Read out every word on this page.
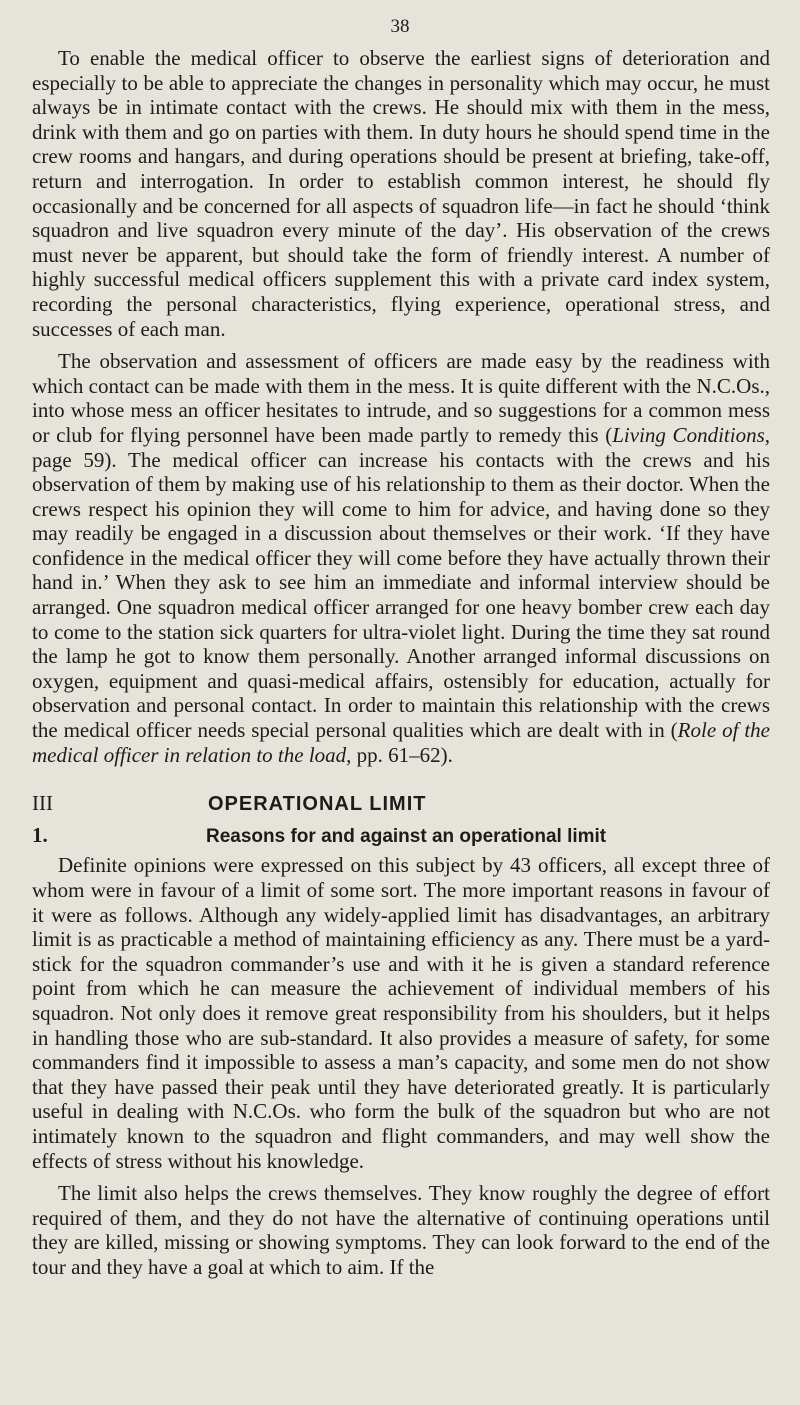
38

To enable the medical officer to observe the earliest signs of deterioration and especially to be able to appreciate the changes in personality which may occur, he must always be in intimate contact with the crews. He should mix with them in the mess, drink with them and go on parties with them. In duty hours he should spend time in the crew rooms and hangars, and during operations should be present at briefing, take-off, return and interrogation. In order to establish common interest, he should fly occasionally and be concerned for all aspects of squadron life—in fact he should ‘think squadron and live squadron every minute of the day’. His observation of the crews must never be apparent, but should take the form of friendly interest. A number of highly successful medical officers supplement this with a private card index system, recording the personal characteristics, flying experience, operational stress, and successes of each man.

The observation and assessment of officers are made easy by the readiness with which contact can be made with them in the mess. It is quite different with the N.C.Os., into whose mess an officer hesitates to intrude, and so suggestions for a common mess or club for flying personnel have been made partly to remedy this (Living Conditions, page 59). The medical officer can increase his contacts with the crews and his observation of them by making use of his relationship to them as their doctor. When the crews respect his opinion they will come to him for advice, and having done so they may readily be engaged in a discussion about themselves or their work. ‘If they have confidence in the medical officer they will come before they have actually thrown their hand in.’ When they ask to see him an immediate and informal interview should be arranged. One squadron medical officer arranged for one heavy bomber crew each day to come to the station sick quarters for ultra-violet light. During the time they sat round the lamp he got to know them personally. Another arranged informal discussions on oxygen, equipment and quasi-medical affairs, ostensibly for education, actually for observation and personal contact. In order to maintain this relationship with the crews the medical officer needs special personal qualities which are dealt with in (Role of the medical officer in relation to the load, pp. 61–62).

III	OPERATIONAL LIMIT
1.	Reasons for and against an operational limit

Definite opinions were expressed on this subject by 43 officers, all except three of whom were in favour of a limit of some sort. The more important reasons in favour of it were as follows. Although any widely-applied limit has disadvantages, an arbitrary limit is as practicable a method of maintaining efficiency as any. There must be a yard-stick for the squadron commander’s use and with it he is given a standard reference point from which he can measure the achievement of individual members of his squadron. Not only does it remove great responsibility from his shoulders, but it helps in handling those who are sub-standard. It also provides a measure of safety, for some commanders find it impossible to assess a man’s capacity, and some men do not show that they have passed their peak until they have deteriorated greatly. It is particularly useful in dealing with N.C.Os. who form the bulk of the squadron but who are not intimately known to the squadron and flight commanders, and may well show the effects of stress without his knowledge.

The limit also helps the crews themselves. They know roughly the degree of effort required of them, and they do not have the alternative of continuing operations until they are killed, missing or showing symptoms. They can look forward to the end of the tour and they have a goal at which to aim. If the
